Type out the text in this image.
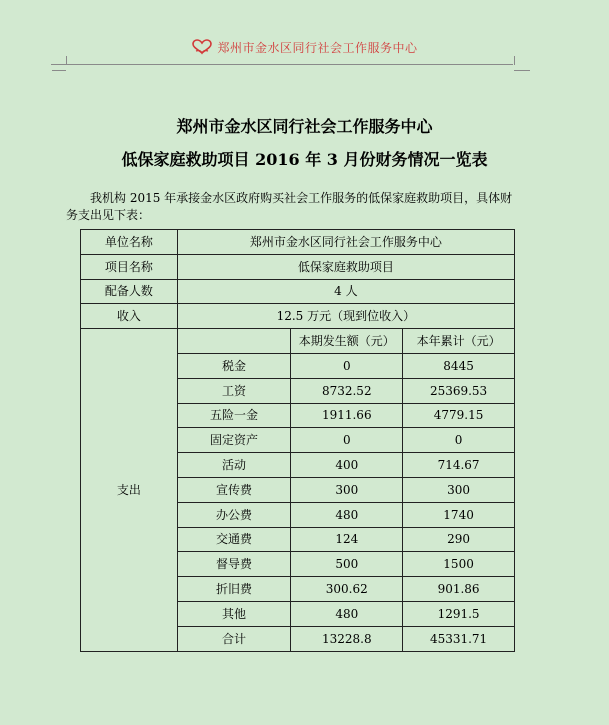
郑州市金水区同行社会工作服务中心
郑州市金水区同行社会工作服务中心
低保家庭救助项目 2016 年 3 月份财务情况一览表
我机构 2015 年承接金水区政府购买社会工作服务的低保家庭救助项目，具体财务支出见下表：
单位名称	郑州市金水区同行社会工作服务中心		
项目名称	低保家庭救助项目		
配备人数	4 人		
收入	12.5 万元（现到位收入）		
支出		本期发生额（元）	本年累计（元）
	税金	0	8445
	工资	8732.52	25369.53
	五险一金	1911.66	4779.15
	固定资产	0	0
	活动	400	714.67
	宣传费	300	300
	办公费	480	1740
	交通费	124	290
	督导费	500	1500
	折旧费	300.62	901.86
	其他	480	1291.5
	合计	13228.8	45331.71
